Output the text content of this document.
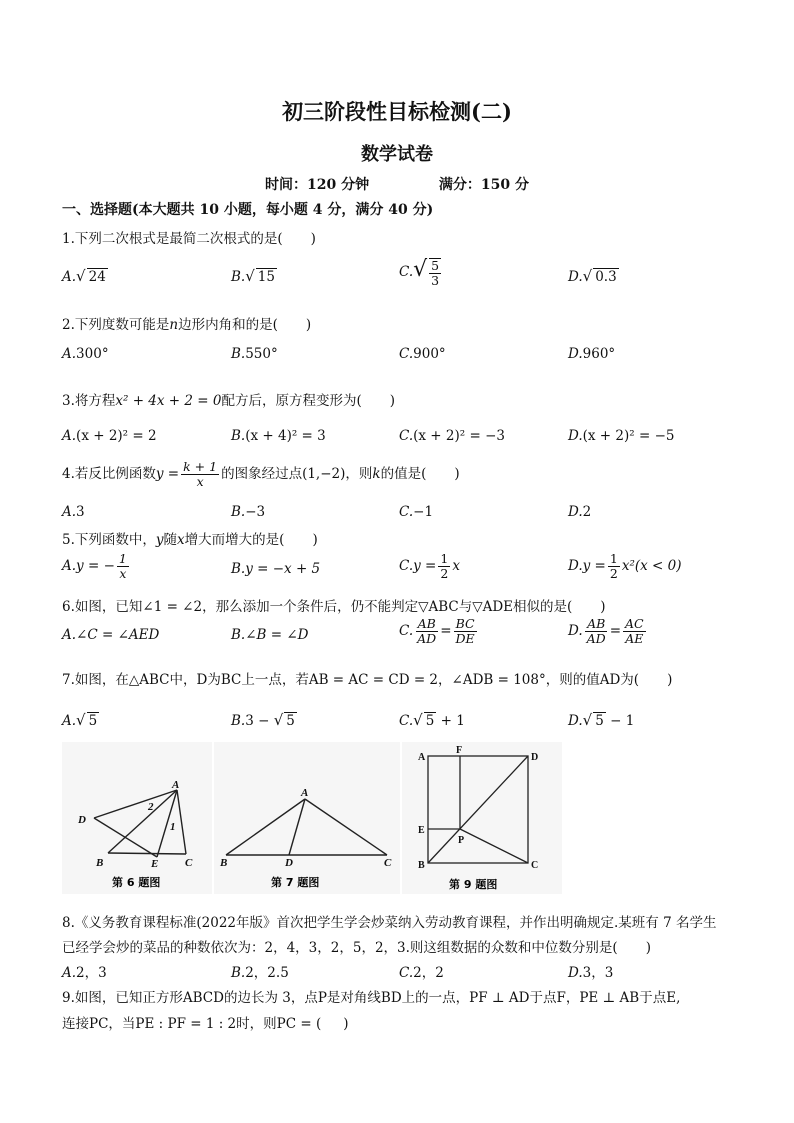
初三阶段性目标检测(二)
数学试卷
时间：120 分钟	满分：150 分
一、选择题(本大题共 10 小题，每小题 4 分，满分 40 分)
1.下列二次根式是最简二次根式的是( )
A.√ 24	B.√ 15	$C.√ \frac{5}{3}$	D.√ 0.3
2.下列度数可能是n边形内角和的是( )
A.300°	B.550°	C.900°	D.960°
3.将方程x² + 4x + 2 = 0配方后，原方程变形为( )
A.(x + 2)² = 2	B.(x + 4)² = 3	C.(x + 2)² = −3	D.(x + 2)² = −5
4.若反比例函数$y = \frac{k + 1}{x}$ 的图象经过点(1,−2)，则k的值是( )
A.3	B.−3	C.−1	D.2
5.下列函数中，y随x增大而增大的是( )
A.y = − $\frac{1}{x}$	B.y = −x + 5	$C.y = \frac{1}{2}$ x	$D.y = \frac{1}{2} x^2(x < 0)$
6.如图，已知∠1 = ∠2，那么添加一个条件后，仍不能判定▽ABC与▽ADE相似的是( )
A.∠C = ∠AED	B.∠B = ∠D	C. $\frac{AB}{AD} = \frac{BC}{DE}$	D. $\frac{AB}{AD} = \frac{AC}{AE}$
7.如图，在△ABC中，D为BC上一点，若AB = AC = CD = 2，∠ADB = 108°，则的值AD为( )
A.√ 5	B.3 − √ 5	C.√ 5 + 1	D.√ 5 − 1
A
B	C
D
E
1
2
第 6 题图
A
B	C
D
第 7 题图
A
B	C
D
E
F
P
第 9 题图
8.《义务教育课程标准(2022年版》首次把学生学会炒菜纳入劳动教育课程，并作出明确规定.某班有 7 名学生
已经学会炒的菜品的种数依次为：2，4，3，2，5，2，3.则这组数据的众数和中位数分别是( )
A.2，3	B.2，2.5	C.2，2	D.3，3
9.如图，已知正方形ABCD的边长为 3，点P是对角线BD上的一点，PF ⊥ AD于点F，PE ⊥ AB于点E,
连接PC，当PE : PF = 1 : 2时，则PC = ( )
